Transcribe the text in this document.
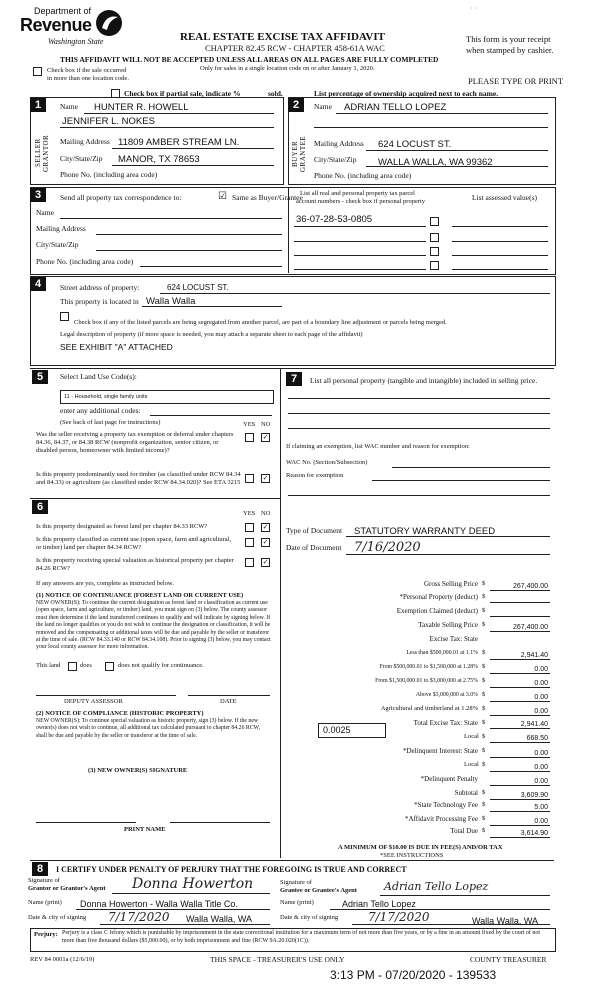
Department of
Revenue
Washington State	REAL ESTATE EXCISE TAX AFFIDAVIT
CHAPTER 82.45 RCW - CHAPTER 458-61A WAC
THIS AFFIDAVIT WILL NOT BE ACCEPTED UNLESS ALL AREAS ON ALL PAGES ARE FULLY COMPLETED
Only for sales in a single location code on or after January 1, 2020.
This form is your receipt
when stamped by cashier.
· ·
Check box if the sale occurred
in more than one location code.	PLEASE TYPE OR PRINT
Check box if partial sale, indicate %	sold.	List percentage of ownership acquired next to each name.
1
SELLER GRANTOR
Name HUNTER R. HOWELL
JENNIFER L. NOKES
Mailing Address 11809 AMBER STREAM LN.
City/State/Zip MANOR, TX 78653
Phone No. (including area code)
2
BUYER GRANTEE
Name ADRIAN TELLO LOPEZ
Mailing Address 624 LOCUST ST.
City/State/Zip WALLA WALLA, WA 99362
Phone No. (including area code)
3	Send all property tax correspondence to:	☑ Same as Buyer/Grantee
Name
Mailing Address
City/State/Zip
Phone No. (including area code)
List all real and personal property tax parcel
account numbers - check box if personal property	List assessed value(s)
36-07-28-53-0805
4	Street address of property:	624 LOCUST ST.
This property is located in Walla Walla
Check box if any of the listed parcels are being segregated from another parcel, are part of a boundary line adjustment or parcels being merged.
Legal description of property (if more space is needed, you may attach a separate sheet to each page of the affidavit)
SEE EXHIBIT "A" ATTACHED
5	Select Land Use Code(s):
11 - Household, single family units
enter any additional codes:
(See back of last page for instructions)	YES NO
Was the seller receiving a property tax exemption or deferral under chapters 84.36, 84.37, or 84.38 RCW (nonprofit organization, senior citizen, or disabled person, homeowner with limited income)?
✓
Is this property predominantly used for timber (as classified under RCW 84.34 and 84.33) or agriculture (as classified under RCW 84.34.020)? See ETA 3215
✓
6
YES NO
Is this property designated as forest land per chapter 84.33 RCW?	✓
Is this property classified as current use (open space, farm and agricultural, or timber) land per chapter 84.34 RCW?
✓
Is this property receiving special valuation as historical property per chapter 84.26 RCW?
✓
If any answers are yes, complete as instructed below.
(1) NOTICE OF CONTINUANCE (FOREST LAND OR CURRENT USE)
NEW OWNER(S): To continue the current designation as forest land or classification as current use (open space, farm and agriculture, or timber) land, you must sign on (3) below. The county assessor must then determine if the land transferred continues to qualify and will indicate by signing below. If the land no longer qualifies or you do not wish to continue the designation or classification, it will be removed and the compensating or additional taxes will be due and payable by the seller or transferor at the time of sale. (RCW 84.33.140 or RCW 84.34.108). Prior to signing (3) below, you may contact your local county assessor for more information.
This land	does	does not qualify for continuance.
DEPUTY ASSESSOR	DATE
(2) NOTICE OF COMPLIANCE (HISTORIC PROPERTY)
NEW OWNER(S): To continue special valuation as historic property, sign (3) below. If the new owner(s) does not wish to continue, all additional tax calculated pursuant to chapter 84.26 RCW, shall be due and payable by the seller or transferor at the time of sale.
(3) NEW OWNER(S) SIGNATURE
PRINT NAME
7	List all personal property (tangible and intangible) included in selling price.
If claiming an exemption, list WAC number and reason for exemption:
WAC No. (Section/Subsection)
Reason for exemption
Type of Document STATUTORY WARRANTY DEED
Date of Document 7/16/2020
Gross Selling Price $	267,400.00
*Personal Property (deduct) $
Exemption Claimed (deduct) $
Taxable Selling Price $	267,400.00
Excise Tax: State
Less than $500,000.01 at 1.1% $	2,941.40
From $500,000.01 to $1,500,000 at 1.28% $	0.00
From $1,500,000.01 to $3,000,000 at 2.75% $	0.00
Above $3,000,000 at 3.0% $	0.00
Agricultural and timberland at 1.28% $	0.00
Total Excise Tax: State $	2,941.40
0.0025
Local $	668.50
*Delinquent Interest: State $	0.00
Local $	0.00
*Delinquent Penalty	0.00
Subtotal $	3,609.90
*State Technology Fee $	5.00
*Affidavit Processing Fee $	0.00
Total Due $	3,614.90
A MINIMUM OF $10.00 IS DUE IN FEE(S) AND/OR TAX
*SEE INSTRUCTIONS
8	I CERTIFY UNDER PENALTY OF PERJURY THAT THE FOREGOING IS TRUE AND CORRECT
Signature of
Grantor or Grantor's Agent Donna Howerton	Signature of
Grantee or Grantee's Agent Adrian Tello Lopez
Name (print) Donna Howerton - Walla Walla Title Co.	Name (print)	Adrian Tello Lopez
Date & city of signing 7/17/2020 Walla Walla, WA	Date & city of signing 7/17/2020	Walla Walla, WA
Perjury: Perjury is a class C felony which is punishable by imprisonment in the state correctional institution for a maximum term of not more than five years, or by a fine in an amount fixed by the court of not more than five thousand dollars ($5,000.00), or by both imprisonment and fine (RCW 9A.20.020(1C)).
REV 84 0001a (12/6/19)	THIS SPACE - TREASURER'S USE ONLY	COUNTY TREASURER
3:13 PM - 07/20/2020 - 139533
